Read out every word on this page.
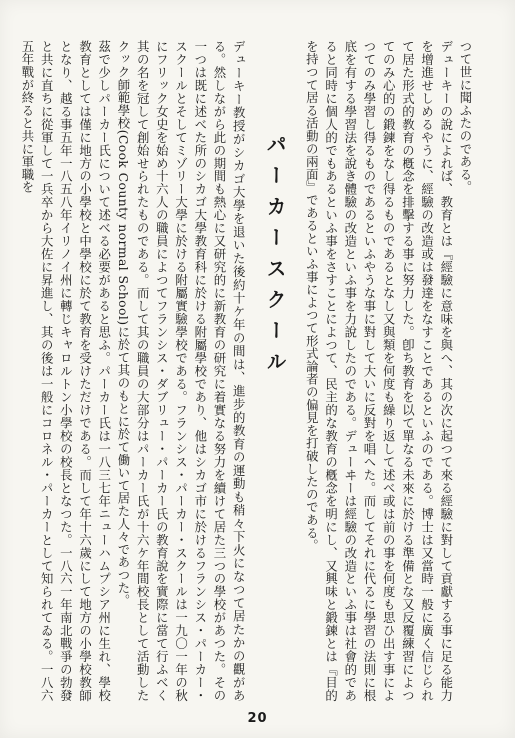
つて世に聞ふたのである。

デューキーの說によれば、教育とは『經驗に意味を與へ、其の次に起つて來る經驗に對して貢獻する事に足る能力を增進せしめるやうに、經驗の改造或は發達をなすことであるといふのである。博士は又當時一般に廣く信じられて居た形式的教育の槪念を排擊する事に努力した。卽ち教育を以て單なる未來に於ける準備とな又反覆練習によつてのみ心的の鍛鍊をなし得るものであるとなし又與類を何度も繰り返して述べ或は前の事を何度も思ひ出す事によつてのみ學習し得るものであるといふやうな事に對して大いに反對を唱へた。而してそれに代るに學習の法則に根底を有する學習法を說き體驗の改造といふ事を力說したのである。デューヰーは經驗の改造といふ事は社會的であると同時に個人的でもあるといふ事をさすことによつて、民主的な教育の槪念を明にし、又興味と鍛鍊とは『目的を持つて居る活動の兩面』であるといふ事によつて形式論者の偏見を打破したのである。

パーカースクール

デューキー教授がシカゴ大學を退いた後約十ケ年の間は、進步的教育の運動も稍々下火になつて居たかの觀がある。然しながら此の期間も熱心に又研究的に新教育の研究に着實なる努力を續けて居た三つの學校があつた。その一つは既に述べた所のシカゴ大學教育科に於ける附屬學校であり、他はシカゴ市に於けるフランシス・パーカー・スクールとそしてミゾリー大學に於ける附屬實驗學校である。フランシス・パーカー・スクールは一九〇一年の秋にフリック女史を始め十六人の職員によつてフランシス・ダブリュー・パーカー氏の教育說を實際に當て行ふべく其の名を冠して創始せられたものである。而して其の職員の大部分はパーカー氏が十六ケ年間校長として活動したクック師範學校(Cook County normal School)に於て其のもとに於て働いて居た人々であつた。

茲で少しパーカー氏について述べる必要があると思ふ。パーカー氏は一八三七年ニューハムプシア州に生れ、學校教育としては僅に地方の小學校と中學校に於て教育を受けただけである。而して年十六歲にして地方の小學校教師となり、越る事五年一八五八年イリノイ州に轉じキャロルトン小學校の校長となつた。一八六一年南北戰爭の勃發と共に直ちに從軍して一兵卒から大佐に昇進し、其の後は一般にコロネル・パーカーとして知られてゐる。一八六五年戰が終ると共に軍職を

20
